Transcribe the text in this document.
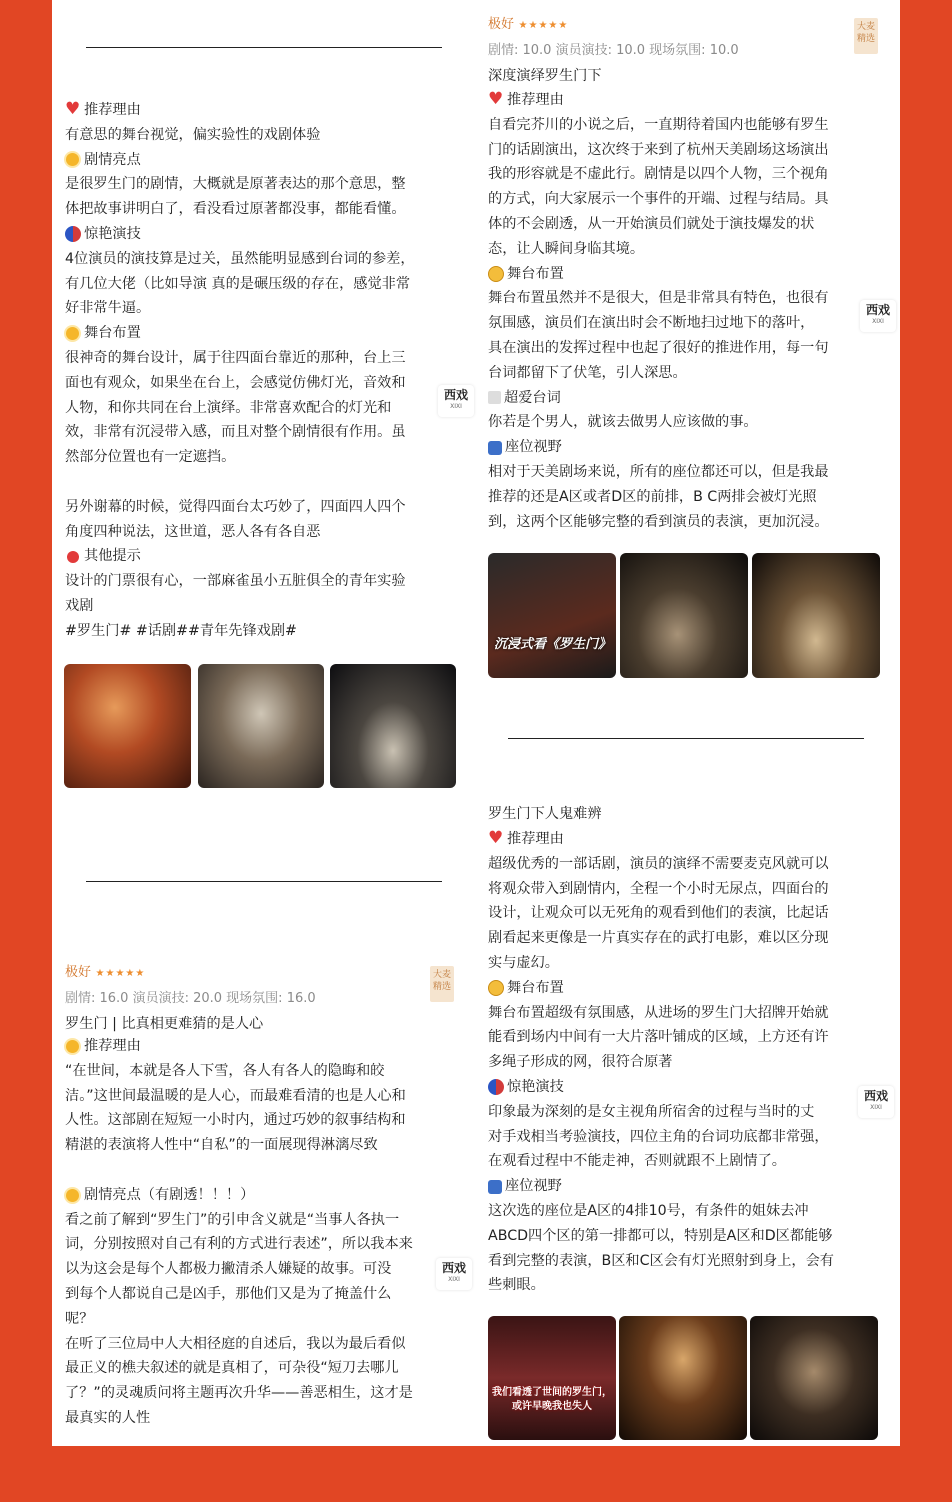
♥
推荐理由

有意思的舞台视觉，偏实验性的戏剧体验

剧情亮点

是很罗生门的剧情，大概就是原著表达的那个意思，整

体把故事讲明白了，看没看过原著都没事，都能看懂。

惊艳演技

4位演员的演技算是过关，虽然能明显感到台词的参差，

有几位大佬（比如导演 真的是碾压级的存在，感觉非常

好非常牛逼。

舞台布置

很神奇的舞台设计，属于往四面台靠近的那种，台上三

面也有观众，如果坐在台上，会感觉仿佛灯光，音效和

人物，和你共同在台上演绎。非常喜欢配合的灯光和

效，非常有沉浸带入感，而且对整个剧情很有作用。虽

然部分位置也有一定遮挡。

另外谢幕的时候，觉得四面台太巧妙了，四面四人四个

角度四种说法，这世道，恶人各有各自恶

其他提示

设计的门票很有心，一部麻雀虽小五脏俱全的青年实验

戏剧

#罗生门# #话剧##青年先锋戏剧#

西戏
XIXI
极好 ★★★★★
剧情: 10.0 演员演技: 10.0 现场氛围: 10.0
深度演绎罗生门下
大麦精选
♥
推荐理由

自看完芥川的小说之后，一直期待着国内也能够有罗生

门的话剧演出，这次终于来到了杭州天美剧场这场演出

我的形容就是不虚此行。剧情是以四个人物，三个视角

的方式，向大家展示一个事件的开端、过程与结局。具

体的不会剧透，从一开始演员们就处于演技爆发的状

态，让人瞬间身临其境。

舞台布置

舞台布置虽然并不是很大，但是非常具有特色，也很有

氛围感，演员们在演出时会不断地扫过地下的落叶，

具在演出的发挥过程中也起了很好的推进作用，每一句

台词都留下了伏笔，引人深思。

超爱台词

你若是个男人，就该去做男人应该做的事。

座位视野

相对于天美剧场来说，所有的座位都还可以，但是我最

推荐的还是A区或者D区的前排，B C两排会被灯光照

到，这两个区能够完整的看到演员的表演，更加沉浸。

西戏
XIXI
沉浸式看《罗生门》
极好 ★★★★★
剧情: 16.0 演员演技: 20.0 现场氛围: 16.0
罗生门 | 比真相更难猜的是人心
大麦精选
推荐理由

“在世间，本就是各人下雪，各人有各人的隐晦和皎

洁。”这世间最温暖的是人心，而最难看清的也是人心和

人性。这部剧在短短一小时内，通过巧妙的叙事结构和

精湛的表演将人性中“自私”的一面展现得淋漓尽致

剧情亮点（有剧透！！！）

看之前了解到“罗生门”的引申含义就是“当事人各执一

词，分别按照对自己有利的方式进行表述”，所以我本来

以为这会是每个人都极力撇清杀人嫌疑的故事。可没

到每个人都说自己是凶手，那他们又是为了掩盖什么

呢？

在听了三位局中人大相径庭的自述后，我以为最后看似

最正义的樵夫叙述的就是真相了，可杂役“短刀去哪儿

了？”的灵魂质问将主题再次升华——善恶相生，这才是

最真实的人性

西戏
XIXI
罗生门下人鬼难辨
♥
推荐理由

超级优秀的一部话剧，演员的演绎不需要麦克风就可以

将观众带入到剧情内，全程一个小时无尿点，四面台的

设计，让观众可以无死角的观看到他们的表演，比起话

剧看起来更像是一片真实存在的武打电影，难以区分现

实与虚幻。

舞台布置

舞台布置超级有氛围感，从进场的罗生门大招牌开始就

能看到场内中间有一大片落叶铺成的区域，上方还有许

多绳子形成的网，很符合原著

惊艳演技

印象最为深刻的是女主视角所宿舍的过程与当时的丈

对手戏相当考验演技，四位主角的台词功底都非常强，

在观看过程中不能走神，否则就跟不上剧情了。

座位视野

这次选的座位是A区的4排10号，有条件的姐妹去冲

ABCD四个区的第一排都可以，特别是A区和D区都能够

看到完整的表演，B区和C区会有灯光照射到身上，会有

些刺眼。

西戏
XIXI
我们看透了世间的罗生门，或许早晚我也失人
